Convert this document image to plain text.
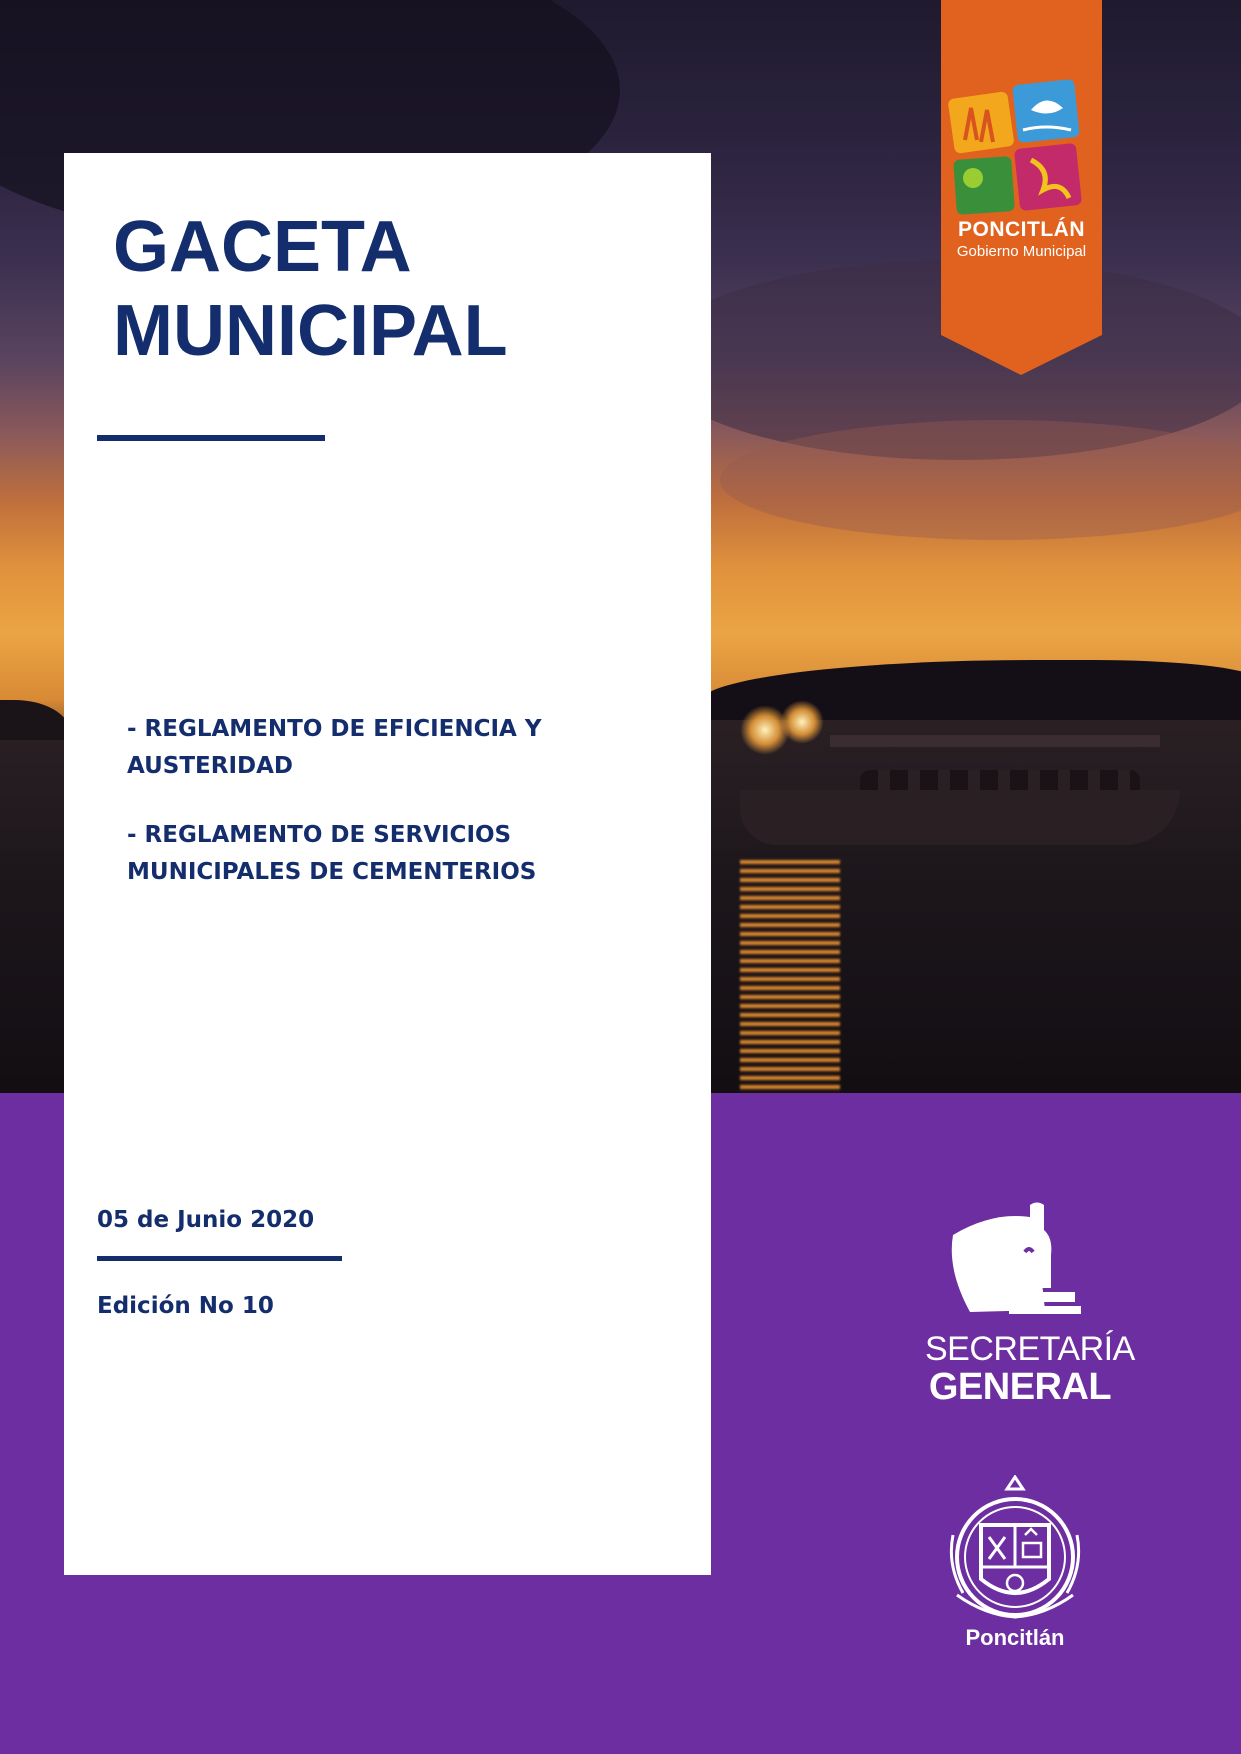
GACETA
MUNICIPAL
- REGLAMENTO DE EFICIENCIA Y AUSTERIDAD
- REGLAMENTO DE SERVICIOS MUNICIPALES DE CEMENTERIOS
05 de Junio 2020
Edición No 10
PONCITLÁN
Gobierno Municipal
SECRETARÍA
GENERAL
Poncitlán
